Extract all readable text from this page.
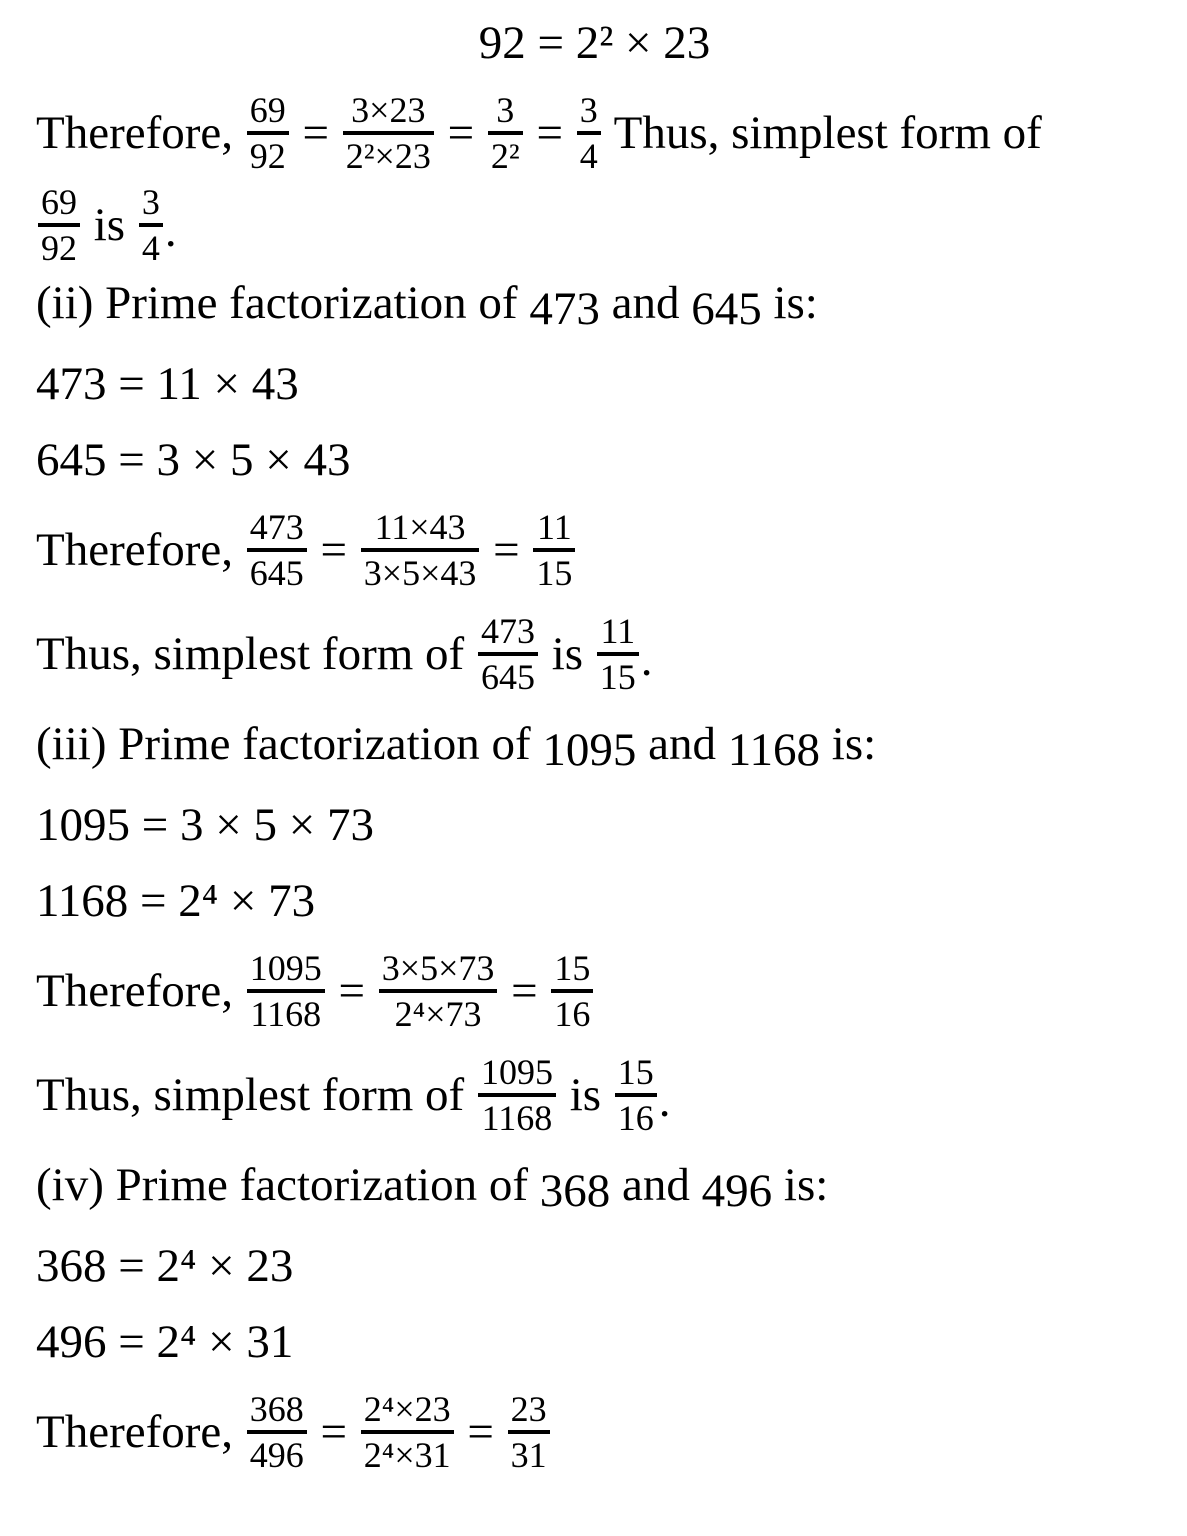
92 = 2² × 23
Therefore, $\frac{69}{92} = \frac{3\times 23}{\text{2²×23}} = \frac{3}{\text{2²}} = \frac{3}{4}$ Thus, simplest form of
$\frac{69}{92}$ is $\frac{3}{4}$ .
(ii) Prime factorization of 473 and 645 is:
473 = 11 × 43
645 = 3 × 5 × 43
Therefore, $\frac{473}{645} = \frac{11\times 43}{3\times 5\times 43} = \frac{11}{15}$
Thus, simplest form of $\frac{473}{645}$ is $\frac{11}{15}$ .
(iii) Prime factorization of 1095 and 1168 is:
1095 = 3 × 5 × 73
1168 = 2⁴ × 73
Therefore, $\frac{1095}{1168} = \frac{3\times 5\times 73}{\text{2⁴×73}} = \frac{15}{16}$
Thus, simplest form of $\frac{1095}{1168}$ is $\frac{15}{16}$ .
(iv) Prime factorization of 368 and 496 is:
368 = 2⁴ × 23
496 = 2⁴ × 31
Therefore, $\frac{368}{496} = \frac{\text{2⁴×23}}{\text{2⁴×31}} = \frac{23}{31}$
